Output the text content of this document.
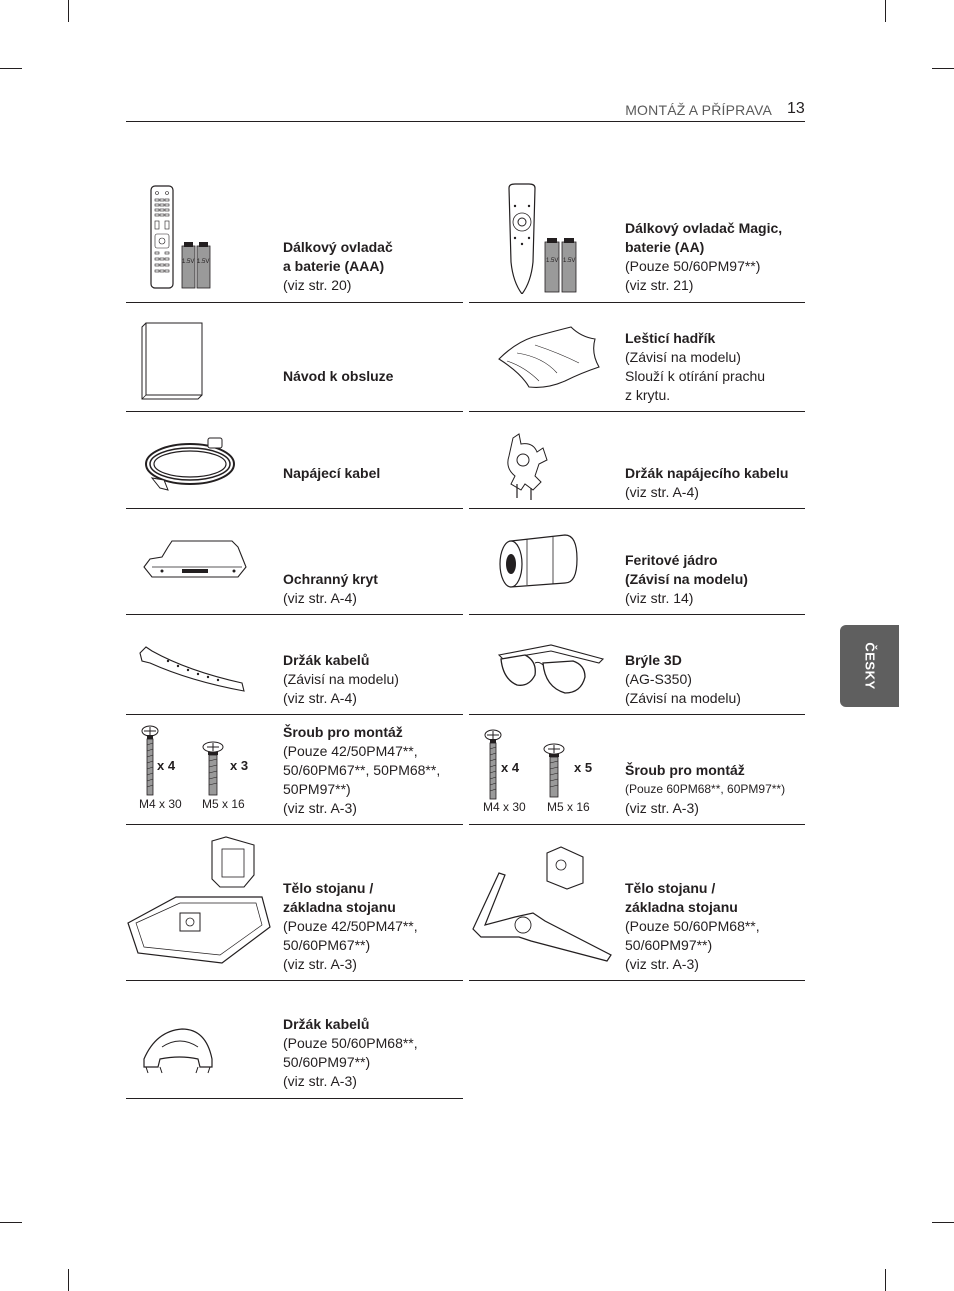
MONTÁŽ A PŘÍPRAVA 13
ČESKY
1.5V 1.5V
Dálkový ovladač
a baterie (AAA)
(viz str. 20)
1.5V 1.5V
Dálkový ovladač Magic,
baterie (AA)
(Pouze 50/60PM97**)
(viz str. 21)
Návod k obsluze
Lešticí hadřík
(Závisí na modelu)
Slouží k otírání prachu
z krytu.
Napájecí kabel	Držák napájecího kabelu
(viz str. A-4)
Ochranný kryt
(viz str. A-4)
Feritové jádro
(Závisí na modelu)
(viz str. 14)
Držák kabelů
(Závisí na modelu)
(viz str. A-4)
Brýle 3D
(AG-S350)
(Závisí na modelu)
x 4	x 3
M4 x 30 M5 x 16
Šroub pro montáž
(Pouze 42/50PM47**,
50/60PM67**, 50PM68**,
50PM97**)
(viz str. A-3)
x 4	x 5
M4 x 30 M5 x 16
Šroub pro montáž
(Pouze 60PM68**, 60PM97**)
(viz str. A-3)
Tělo stojanu /
základna stojanu
(Pouze 42/50PM47**,
50/60PM67**)
(viz str. A-3)
Tělo stojanu /
základna stojanu
(Pouze 50/60PM68**,
50/60PM97**)
(viz str. A-3)
Držák kabelů
(Pouze 50/60PM68**,
50/60PM97**)
(viz str. A-3)
